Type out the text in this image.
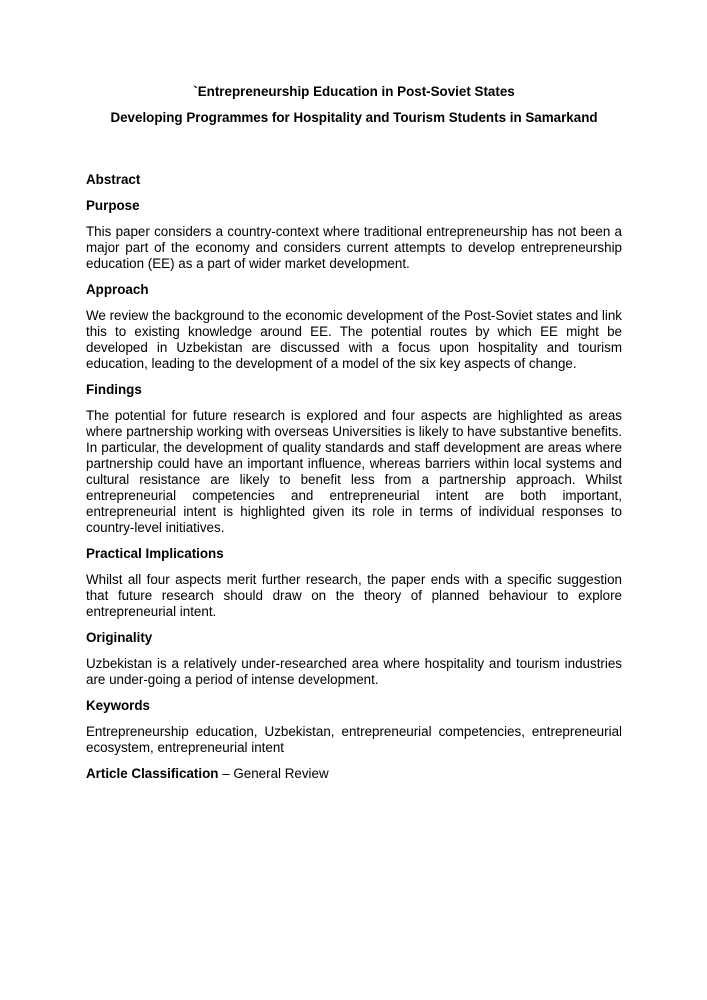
`Entrepreneurship Education in Post-Soviet States

Developing Programmes for Hospitality and Tourism Students in Samarkand

Abstract

Purpose

This paper considers a country-context where traditional entrepreneurship has not been a major part of the economy and considers current attempts to develop entrepreneurship education (EE) as a part of wider market development.

Approach

We review the background to the economic development of the Post-Soviet states and link this to existing knowledge around EE. The potential routes by which EE might be developed in Uzbekistan are discussed with a focus upon hospitality and tourism education, leading to the development of a model of the six key aspects of change.

Findings

The potential for future research is explored and four aspects are highlighted as areas where partnership working with overseas Universities is likely to have substantive benefits. In particular, the development of quality standards and staff development are areas where partnership could have an important influence, whereas barriers within local systems and cultural resistance are likely to benefit less from a partnership approach. Whilst entrepreneurial competencies and entrepreneurial intent are both important, entrepreneurial intent is highlighted given its role in terms of individual responses to country-level initiatives.

Practical Implications

Whilst all four aspects merit further research, the paper ends with a specific suggestion that future research should draw on the theory of planned behaviour to explore entrepreneurial intent.

Originality

Uzbekistan is a relatively under-researched area where hospitality and tourism industries are under-going a period of intense development.

Keywords

Entrepreneurship education, Uzbekistan, entrepreneurial competencies, entrepreneurial ecosystem, entrepreneurial intent

Article Classification – General Review
